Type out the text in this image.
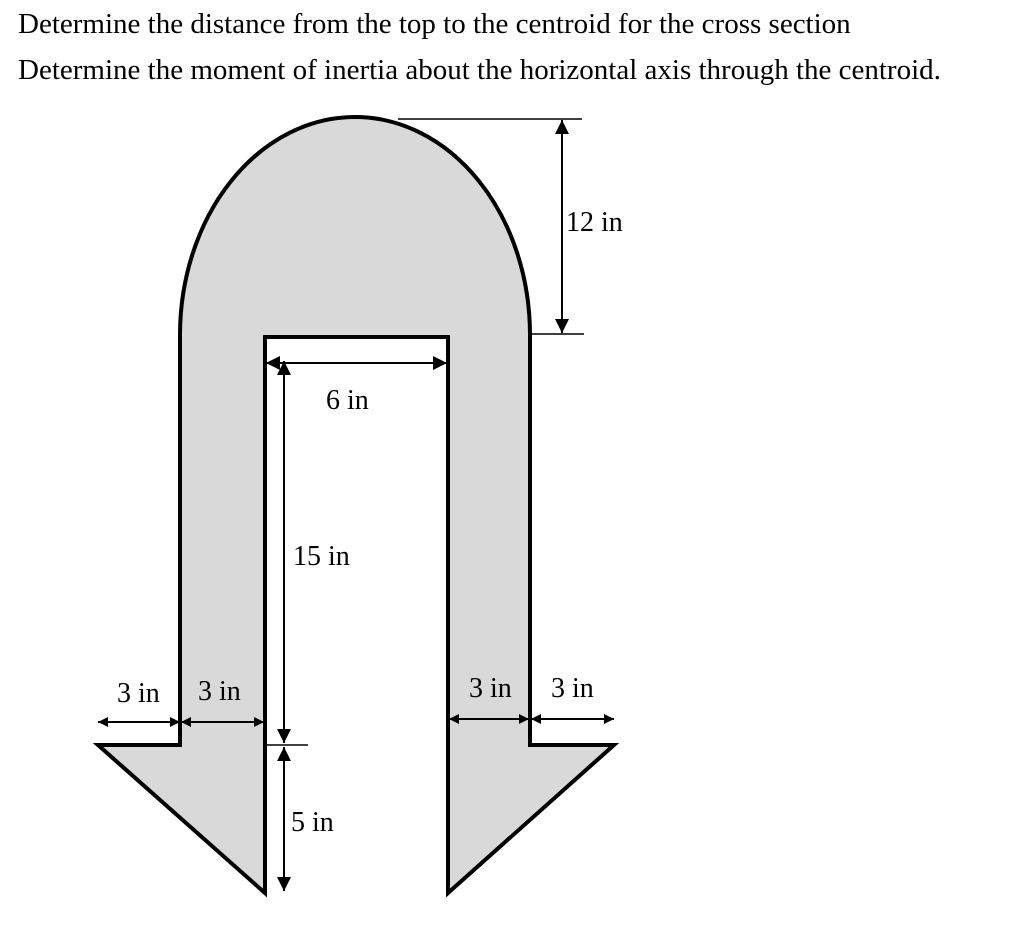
Determine the distance from the top to the centroid for the cross section
Determine the moment of inertia about the horizontal axis through the centroid.
12 in
6 in
15 in
5 in
3 in 3 in	3 in 3 in
